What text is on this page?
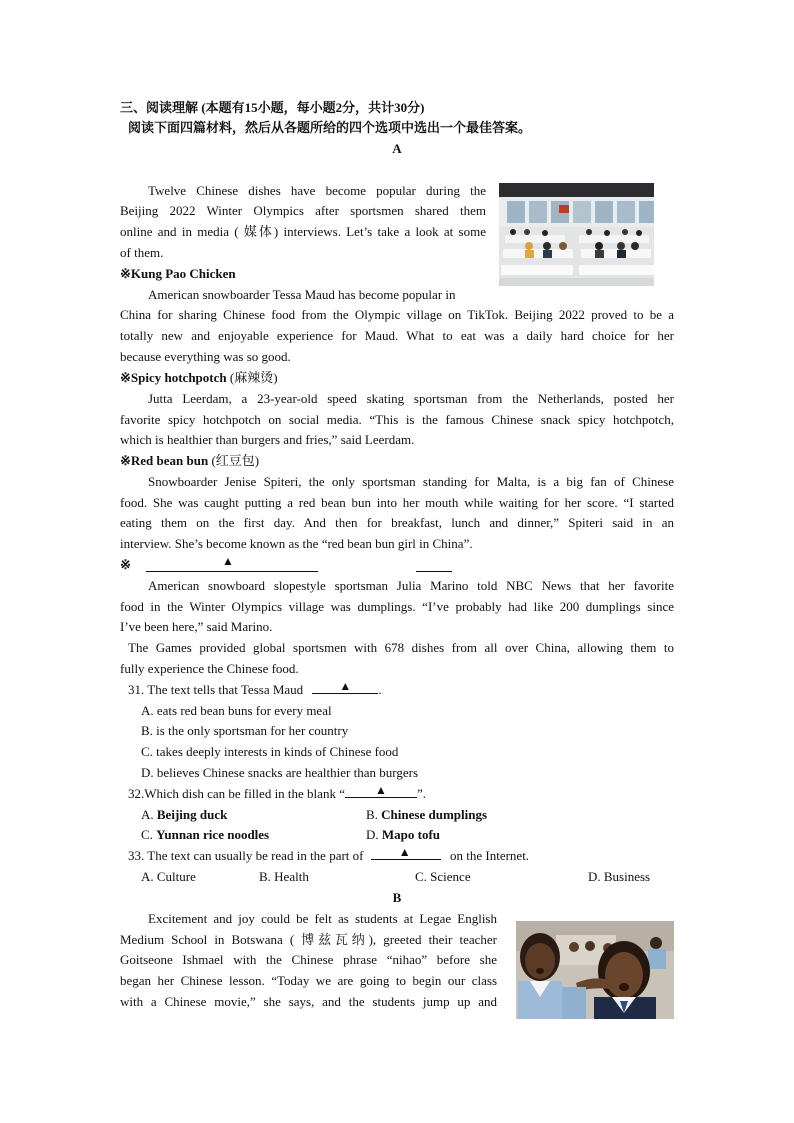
三、阅读理解 (本题有15小题，每小题2分，共计30分)
阅读下面四篇材料，然后从各题所给的四个选项中选出一个最佳答案。
A
Twelve Chinese dishes have become popular during the
Beijing 2022 Winter Olympics after sportsmen shared them
online and in media ( 媒体) interviews. Let’s take a look at some
of them.
※Kung Pao Chicken
American snowboarder Tessa Maud has become popular in
China for sharing Chinese food from the Olympic village on TikTok. Beijing 2022 proved to be a
totally new and enjoyable experience for Maud. What to eat was a daily hard choice for her
because everything was so good.
※Spicy hotchpotch (麻辣烫)
Jutta Leerdam, a 23-year-old speed skating sportsman from the Netherlands, posted her
favorite spicy hotchpotch on social media. “This is the famous Chinese snack spicy hotchpotch,
which is healthier than burgers and fries,” said Leerdam.
※Red bean bun (红豆包)
Snowboarder Jenise Spiteri, the only sportsman standing for Malta, is a big fan of Chinese
food. She was caught putting a red bean bun into her mouth while waiting for her score. “I started
eating them on the first day. And then for breakfast, lunch and dinner,” Spiteri said in an
interview. She’s become known as the “red bean bun girl in China”.
※	▲
American snowboard slopestyle sportsman Julia Marino told NBC News that her favorite
food in the Winter Olympics village was dumplings. “I’ve probably had like 200 dumplings since
I’ve been here,” said Marino.
The Games provided global sportsmen with 678 dishes from all over China, allowing them to
fully experience the Chinese food.
31. The text tells that Tessa Maud	▲ .
A. eats red bean buns for every meal
B. is the only sportsman for her country
C. takes deeply interests in kinds of Chinese food
D. believes Chinese snacks are healthier than burgers
32.Which dish can be filled in the blank “	▲ ”.
A. Beijing duck	B. Chinese dumplings
C. Yunnan rice noodles	D. Mapo tofu
33. The text can usually be read in the part of	▲	on the Internet.
A. Culture	B. Health	C. Science	D. Business
B
Excitement and joy could be felt as students at Legae English
Medium School in Botswana ( 博兹瓦纳), greeted their teacher
Goitseone Ishmael with the Chinese phrase “nihao” before she
began her Chinese lesson. “Today we are going to begin our class
with a Chinese movie,” she says, and the students jump up and
